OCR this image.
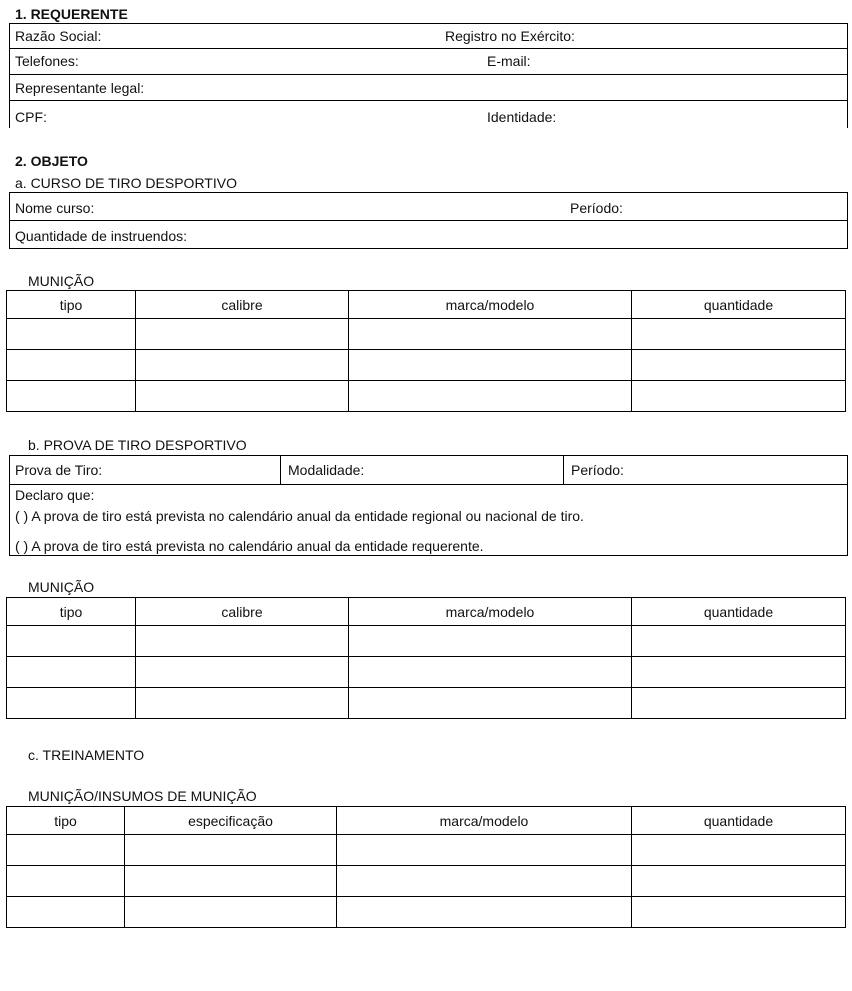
1. REQUERENTE
Razão Social:	Registro no Exército:
Telefones:	E-mail:
Representante legal:
CPF:	Identidade:
2. OBJETO
a. CURSO DE TIRO DESPORTIVO
Nome curso:	Período:
Quantidade de instruendos:
MUNIÇÃO
tipo	calibre	marca/modelo	quantidade

b. PROVA DE TIRO DESPORTIVO
Prova de Tiro:	Modalidade:	Período:
Declaro que:
( ) A prova de tiro está prevista no calendário anual da entidade regional ou nacional de tiro.
( ) A prova de tiro está prevista no calendário anual da entidade requerente.
MUNIÇÃO
tipo	calibre	marca/modelo	quantidade

c. TREINAMENTO
MUNIÇÃO/INSUMOS DE MUNIÇÃO
tipo	especificação	marca/modelo	quantidade
